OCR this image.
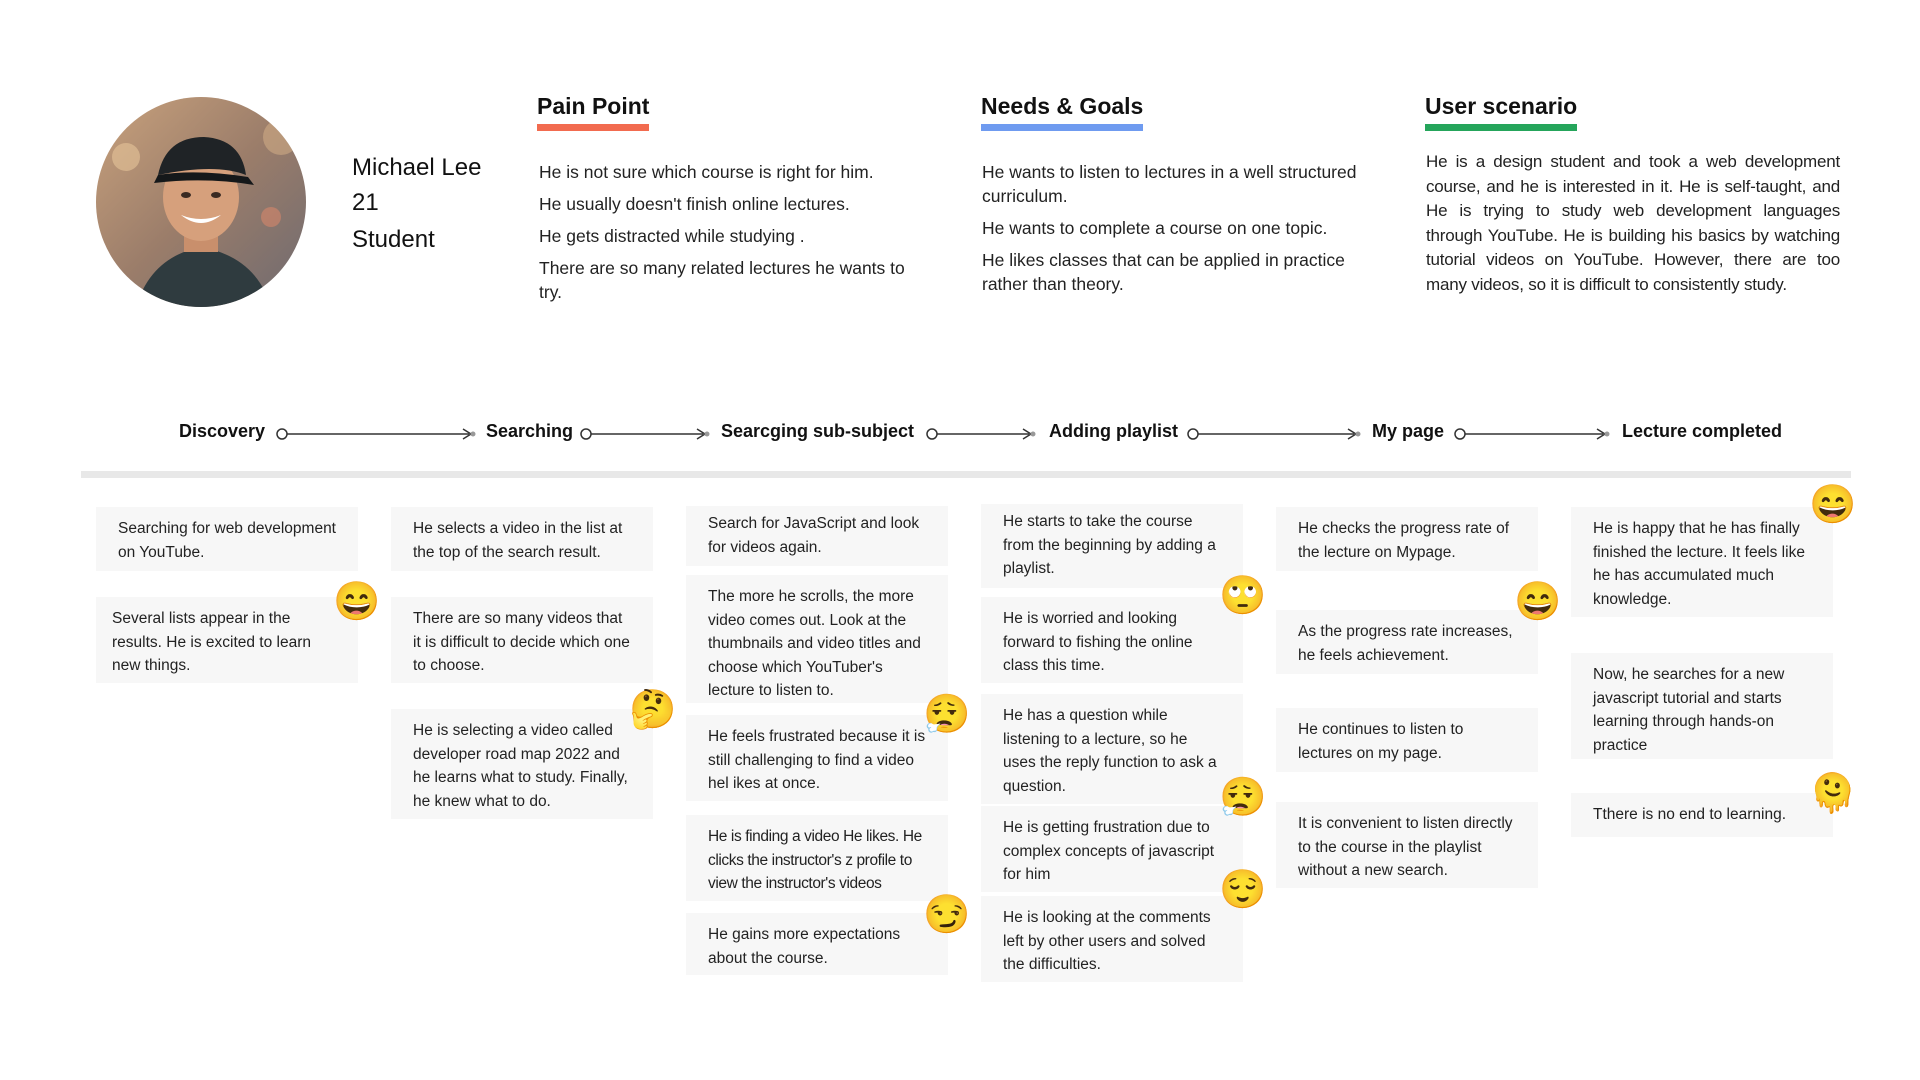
Michael Lee
21
Student
Pain Point

He is not sure which course is right for him.

He usually doesn't finish online lectures.

He gets distracted while studying .

There are so many related lectures he wants to try.

Needs & Goals

He wants to listen to lectures in a well structured curriculum.

He wants to complete a course on one topic.

He likes classes that can be applied in practice rather than theory.

User scenario
He is a design student and took a web development course, and he is interested in it. He is self-taught, and He is trying to study web development languages through YouTube. He is building his basics by watching tutorial videos on YouTube. However, there are too many videos, so it is difficult to consistently study.
Discovery	Searching	Searcging sub-subject	Adding playlist	My page	Lecture completed
Searching for web development on YouTube.
Several lists appear in the results. He is excited to learn new things.
😄
He selects a video in the list at the top of the search result.
There are so many videos that it is difficult to decide which one to choose.
He is selecting a video called developer road map 2022 and he learns what to study. Finally, he knew what to do.
🤔
Search for JavaScript and look for videos again.
The more he scrolls, the more video comes out. Look at the thumbnails and video titles and choose which YouTuber's lecture to listen to.
He feels frustrated because it is still challenging to find a video hel ikes at once.
He is finding a video He likes. He clicks the instructor's z profile to view the instructor's videos
He gains more expectations about the course.
😮‍💨
😏
He starts to take the course from the beginning by adding a playlist.
He is worried and looking forward to fishing the online class this time.
He has a question while listening to a lecture, so he uses the reply function to ask a question.
He is getting frustration due to complex concepts of javascript for him
He is looking at the comments left by other users and solved the difficulties.
🙄
😮‍💨
😌
He checks the progress rate of the lecture on Mypage.
As the progress rate increases, he feels achievement.
He continues to listen to lectures on my page.
It is convenient to listen directly to the course in the playlist without a new search.
😄
He is happy that he has finally finished the lecture. It feels like he has accumulated much knowledge.
Now, he searches for a new javascript tutorial and starts learning through hands-on practice
Tthere is no end to learning.
😄
🫠
